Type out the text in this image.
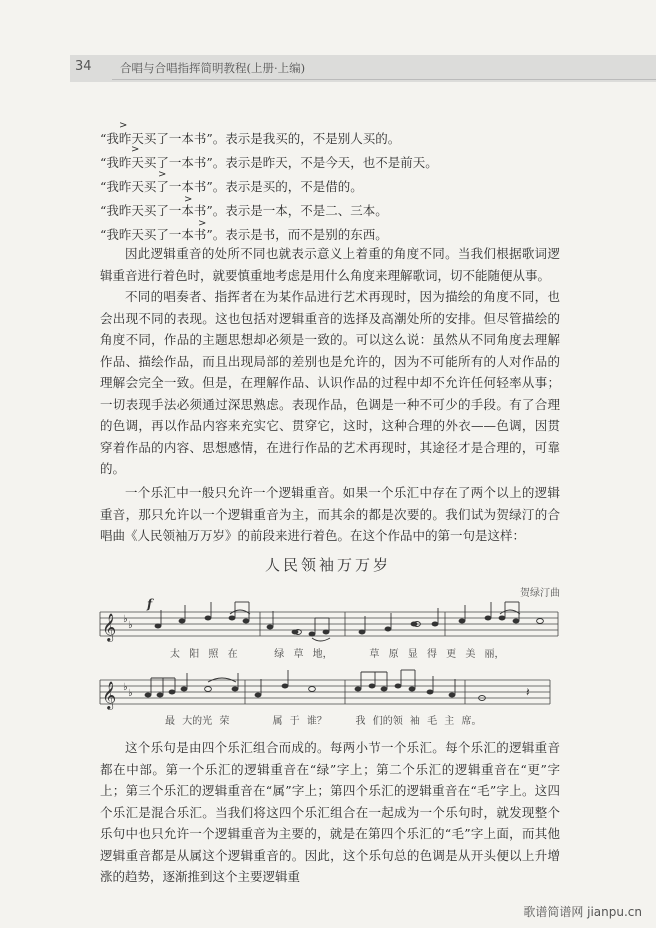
34 合唱与合唱指挥简明教程(上册·上编)
>
>
>
>
>
“我昨天买了一本书”。表示是我买的，不是别人买的。
“我昨天买了一本书”。表示是昨天，不是今天，也不是前天。
“我昨天买了一本书”。表示是买的，不是借的。
“我昨天买了一本书”。表示是一本，不是二、三本。
“我昨天买了一本书”。表示是书，而不是别的东西。

因此逻辑重音的处所不同也就表示意义上着重的角度不同。当我们根据歌词逻辑重音进行着色时，就要慎重地考虑是用什么角度来理解歌词，切不能随便从事。

不同的唱奏者、指挥者在为某作品进行艺术再现时，因为描绘的角度不同，也会出现不同的表现。这也包括对逻辑重音的选择及高潮处所的安排。但尽管描绘的角度不同，作品的主题思想却必须是一致的。可以这么说：虽然从不同角度去理解作品、描绘作品，而且出现局部的差别也是允许的，因为不可能所有的人对作品的理解会完全一致。但是，在理解作品、认识作品的过程中却不允许任何轻率从事；一切表现手法必须通过深思熟虑。表现作品，色调是一种不可少的手段。有了合理的色调，再以作品内容来充实它、贯穿它，这时，这种合理的外衣——色调，因贯穿着作品的内容、思想感情，在进行作品的艺术再现时，其途径才是合理的，可靠的。

一个乐汇中一般只允许一个逻辑重音。如果一个乐汇中存在了两个以上的逻辑重音，那只允许以一个逻辑重音为主，而其余的都是次要的。我们试为贺绿汀的合唱曲《人民领袖万万岁》的前段来进行着色。在这个作品中的第一句是这样：

人民领袖万万岁
贺绿汀曲
𝄞 ♭
♭
f
太 阳 照 在	绿 草 地，	草 原 显 得 更 美 丽，
𝄞 ♭
♭	𝄽
最 大的光 荣	属 于 谁？	我 们的领 袖 毛 主 席。

这个乐句是由四个乐汇组合而成的。每两小节一个乐汇。每个乐汇的逻辑重音都在中部。第一个乐汇的逻辑重音在“绿”字上；第二个乐汇的逻辑重音在“更”字上；第三个乐汇的逻辑重音在“属”字上；第四个乐汇的逻辑重音在“毛”字上。这四个乐汇是混合乐汇。当我们将这四个乐汇组合在一起成为一个乐句时，就发现整个乐句中也只允许一个逻辑重音为主要的，就是在第四个乐汇的“毛”字上面，而其他逻辑重音都是从属这个逻辑重音的。因此，这个乐句总的色调是从开头便以上升增涨的趋势，逐渐推到这个主要逻辑重

歌谱简谱网 jianpu.cn
